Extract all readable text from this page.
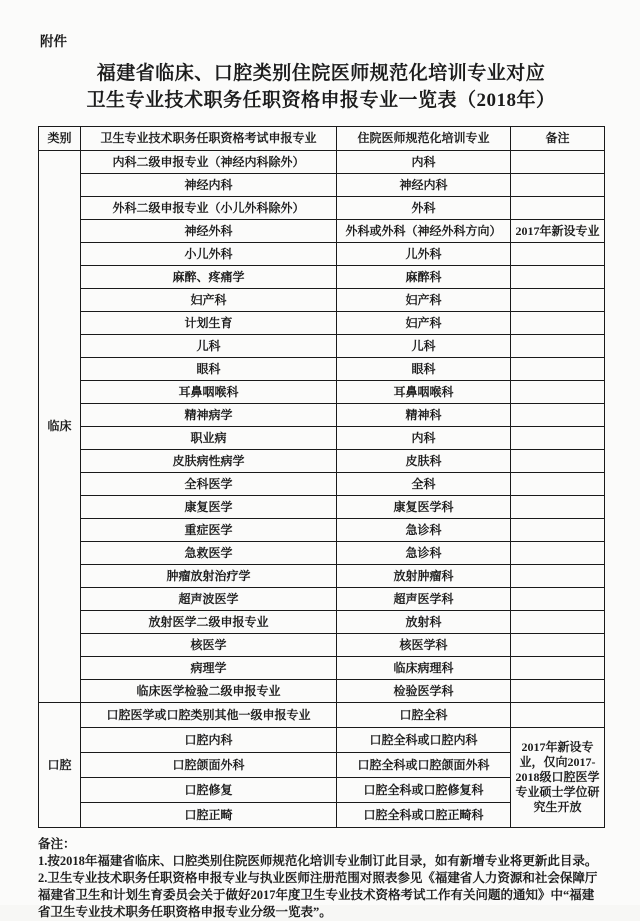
附件

福建省临床、口腔类别住院医师规范化培训专业对应
卫生专业技术职务任职资格申报专业一览表（2018年）
类别	卫生专业技术职务任职资格考试申报专业	住院医师规范化培训专业	备注
临床	内科二级申报专业（神经内科除外）	内科	
	神经内科	神经内科	
	外科二级申报专业（小儿外科除外）	外科	
	神经外科	外科或外科（神经外科方向）	2017年新设专业
	小儿外科	儿外科	
	麻醉、疼痛学	麻醉科	
	妇产科	妇产科	
	计划生育	妇产科	
	儿科	儿科	
	眼科	眼科	
	耳鼻咽喉科	耳鼻咽喉科	
	精神病学	精神科	
	职业病	内科	
	皮肤病性病学	皮肤科	
	全科医学	全科	
	康复医学	康复医学科	
	重症医学	急诊科	
	急救医学	急诊科	
	肿瘤放射治疗学	放射肿瘤科	
	超声波医学	超声医学科	
	放射医学二级申报专业	放射科	
	核医学	核医学科	
	病理学	临床病理科	
	临床医学检验二级申报专业	检验医学科	
口腔	口腔医学或口腔类别其他一级申报专业	口腔全科	
	口腔内科	口腔全科或口腔内科	2017年新设专业，仅向2017-2018级口腔医学专业硕士学位研究生开放
	口腔颌面外科	口腔全科或口腔颌面外科	
	口腔修复	口腔全科或口腔修复科	
	口腔正畸	口腔全科或口腔正畸科	

备注：

1.按2018年福建省临床、口腔类别住院医师规范化培训专业制订此目录，如有新增专业将更新此目录。

2.卫生专业技术职务任职资格申报专业与执业医师注册范围对照表参见《福建省人力资源和社会保障厅 福建省卫生和计划生育委员会关于做好2017年度卫生专业技术资格考试工作有关问题的通知》中“福建省卫生专业技术职务任职资格申报专业分级一览表”。
